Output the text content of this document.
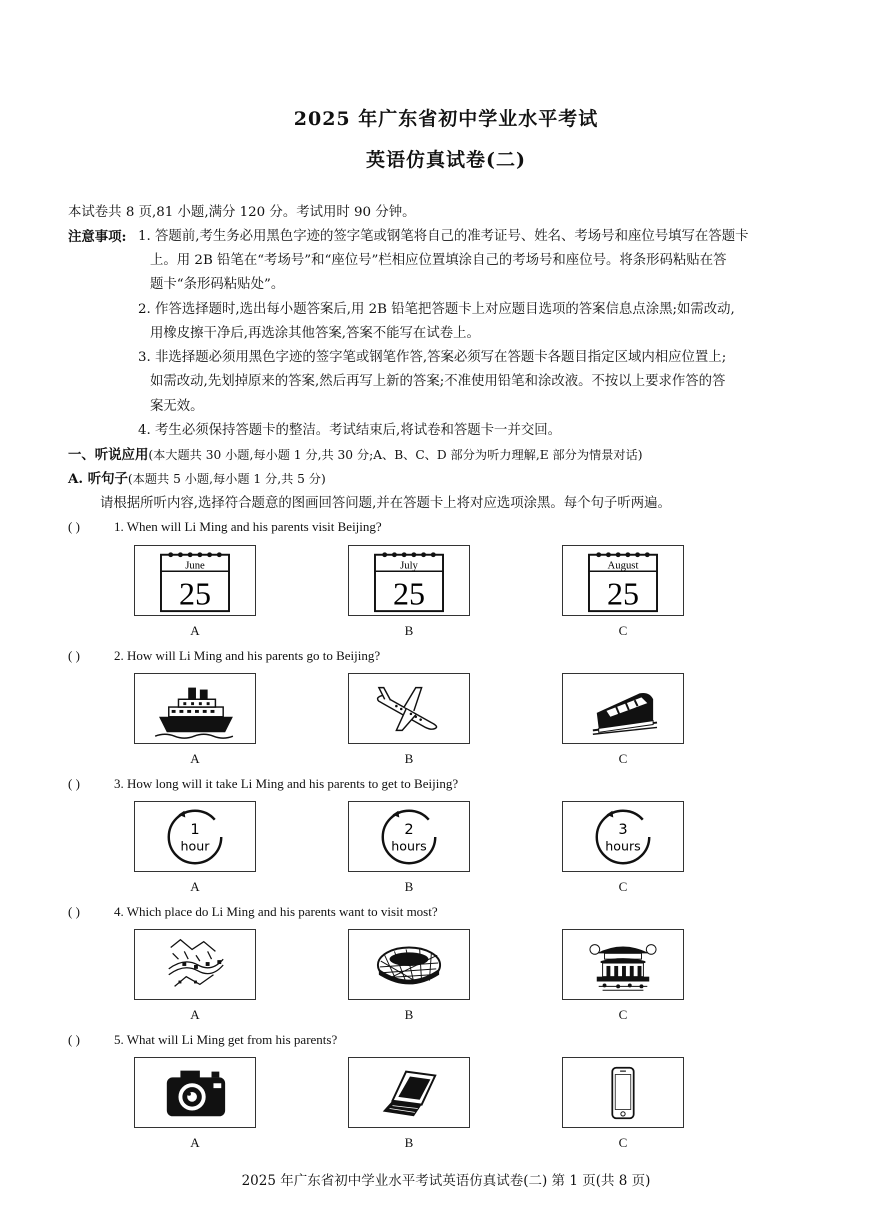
2025 年广东省初中学业水平考试
英语仿真试卷(二)
本试卷共 8 页,81 小题,满分 120 分。考试用时 90 分钟。
注意事项: 1. 答题前,考生务必用黑色字迹的签字笔或钢笔将自己的准考证号、姓名、考场号和座位号填写在答题卡
上。用 2B 铅笔在“考场号”和“座位号”栏相应位置填涂自己的考场号和座位号。将条形码粘贴在答
题卡“条形码粘贴处”。
2. 作答选择题时,选出每小题答案后,用 2B 铅笔把答题卡上对应题目选项的答案信息点涂黑;如需改动,
用橡皮擦干净后,再选涂其他答案,答案不能写在试卷上。
3. 非选择题必须用黑色字迹的签字笔或钢笔作答,答案必须写在答题卡各题目指定区域内相应位置上;
如需改动,先划掉原来的答案,然后再写上新的答案;不准使用铅笔和涂改液。不按以上要求作答的答
案无效。
4. 考生必须保持答题卡的整洁。考试结束后,将试卷和答题卡一并交回。
一、听说应用(本大题共 30 小题,每小题 1 分,共 30 分;A、B、C、D 部分为听力理解,E 部分为情景对话)
A. 听句子(本题共 5 小题,每小题 1 分,共 5 分)
请根据所听内容,选择符合题意的图画回答问题,并在答题卡上将对应选项涂黑。每个句子听两遍。
( )	1. When will Li Ming and his parents visit Beijing?
June
25
July
25
August
25
A	B	C
( )	2. How will Li Ming and his parents go to Beijing?
A	B	C
( )	3. How long will it take Li Ming and his parents to get to Beijing?
1
hour
2
hours
3
hours
A	B	C
( )	4. Which place do Li Ming and his parents want to visit most?
A	B	C
( )	5. What will Li Ming get from his parents?
A	B	C
2025 年广东省初中学业水平考试英语仿真试卷(二) 第 1 页(共 8 页)
